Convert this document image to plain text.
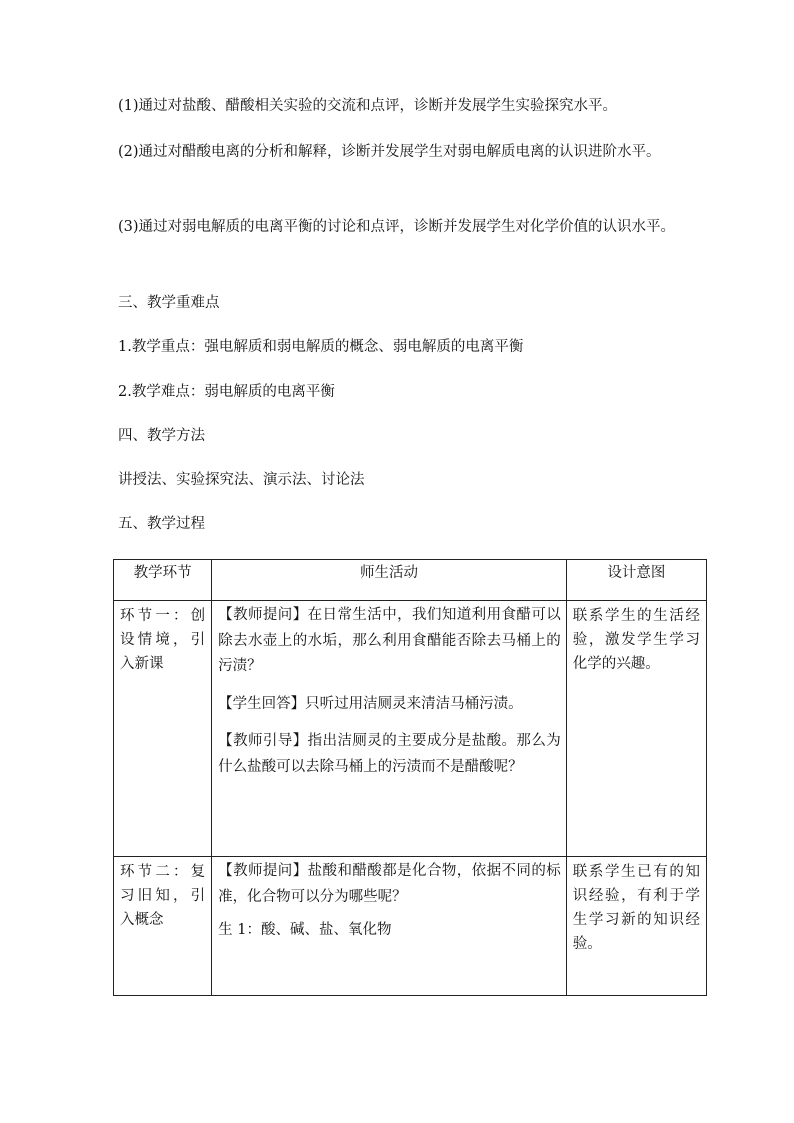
(1)通过对盐酸、醋酸相关实验的交流和点评，诊断并发展学生实验探究水平。

(2)通过对醋酸电离的分析和解释，诊断并发展学生对弱电解质电离的认识进阶水平。

(3)通过对弱电解质的电离平衡的讨论和点评，诊断并发展学生对化学价值的认识水平。

三、教学重难点

1.教学重点：强电解质和弱电解质的概念、弱电解质的电离平衡

2.教学难点：弱电解质的电离平衡

四、教学方法

讲授法、实验探究法、演示法、讨论法

五、教学过程

教学环节	师生活动	设计意图

环节一：创设情境，引入新课	【教师提问】在日常生活中，我们知道利用食醋可以除去水壶上的水垢，那么利用食醋能否除去马桶上的污渍？

【学生回答】只听过用洁厕灵来清洁马桶污渍。

【教师引导】指出洁厕灵的主要成分是盐酸。那么为什么盐酸可以去除马桶上的污渍而不是醋酸呢？	联系学生的生活经验，激发学生学习化学的兴趣。

环节二：复习旧知，引入概念	【教师提问】盐酸和醋酸都是化合物，依据不同的标准，化合物可以分为哪些呢？

生 1：酸、碱、盐、氧化物	联系学生已有的知识经验，有利于学生学习新的知识经验。
